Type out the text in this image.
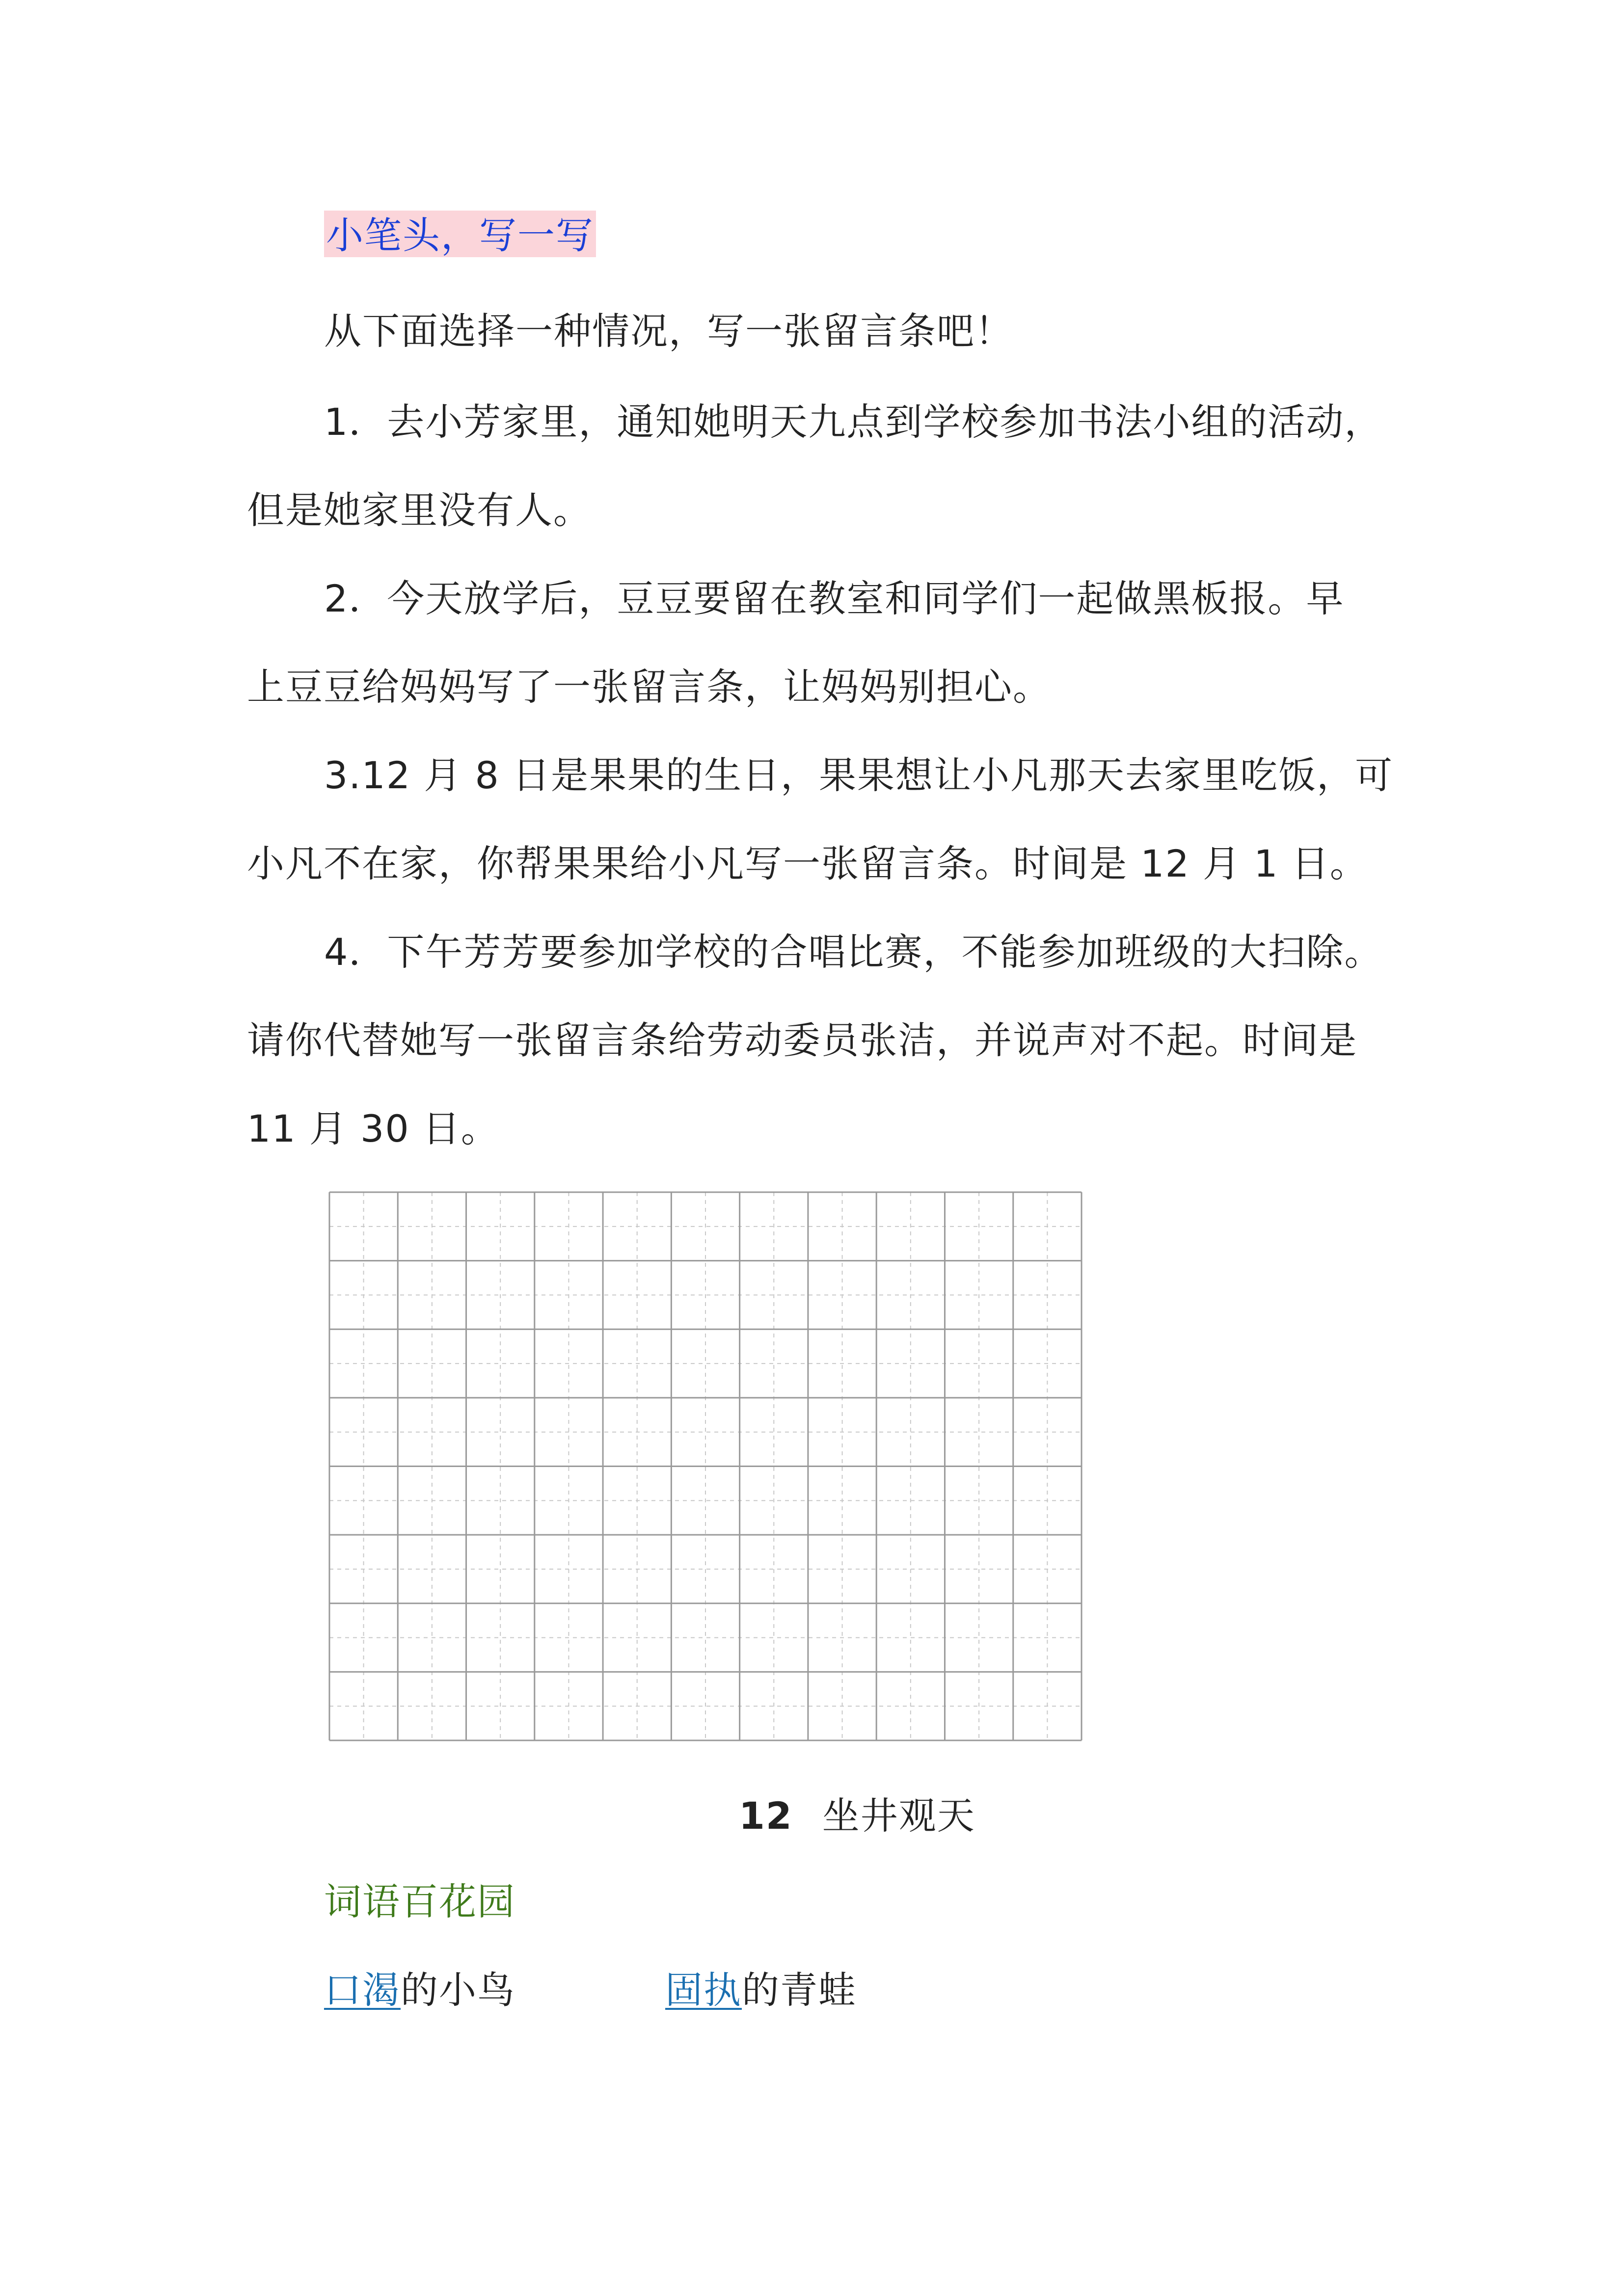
小笔头，写一写
从下面选择一种情况，写一张留言条吧！
1．去小芳家里，通知她明天九点到学校参加书法小组的活动，
但是她家里没有人。
2．今天放学后，豆豆要留在教室和同学们一起做黑板报。早
上豆豆给妈妈写了一张留言条，让妈妈别担心。
3.12 月 8 日是果果的生日，果果想让小凡那天去家里吃饭，可
小凡不在家，你帮果果给小凡写一张留言条。时间是 12 月 1 日。
4．下午芳芳要参加学校的合唱比赛，不能参加班级的大扫除。
请你代替她写一张留言条给劳动委员张洁，并说声对不起。时间是
11 月 30 日。
12 坐井观天
词语百花园
口渴的小鸟	固执的青蛙
